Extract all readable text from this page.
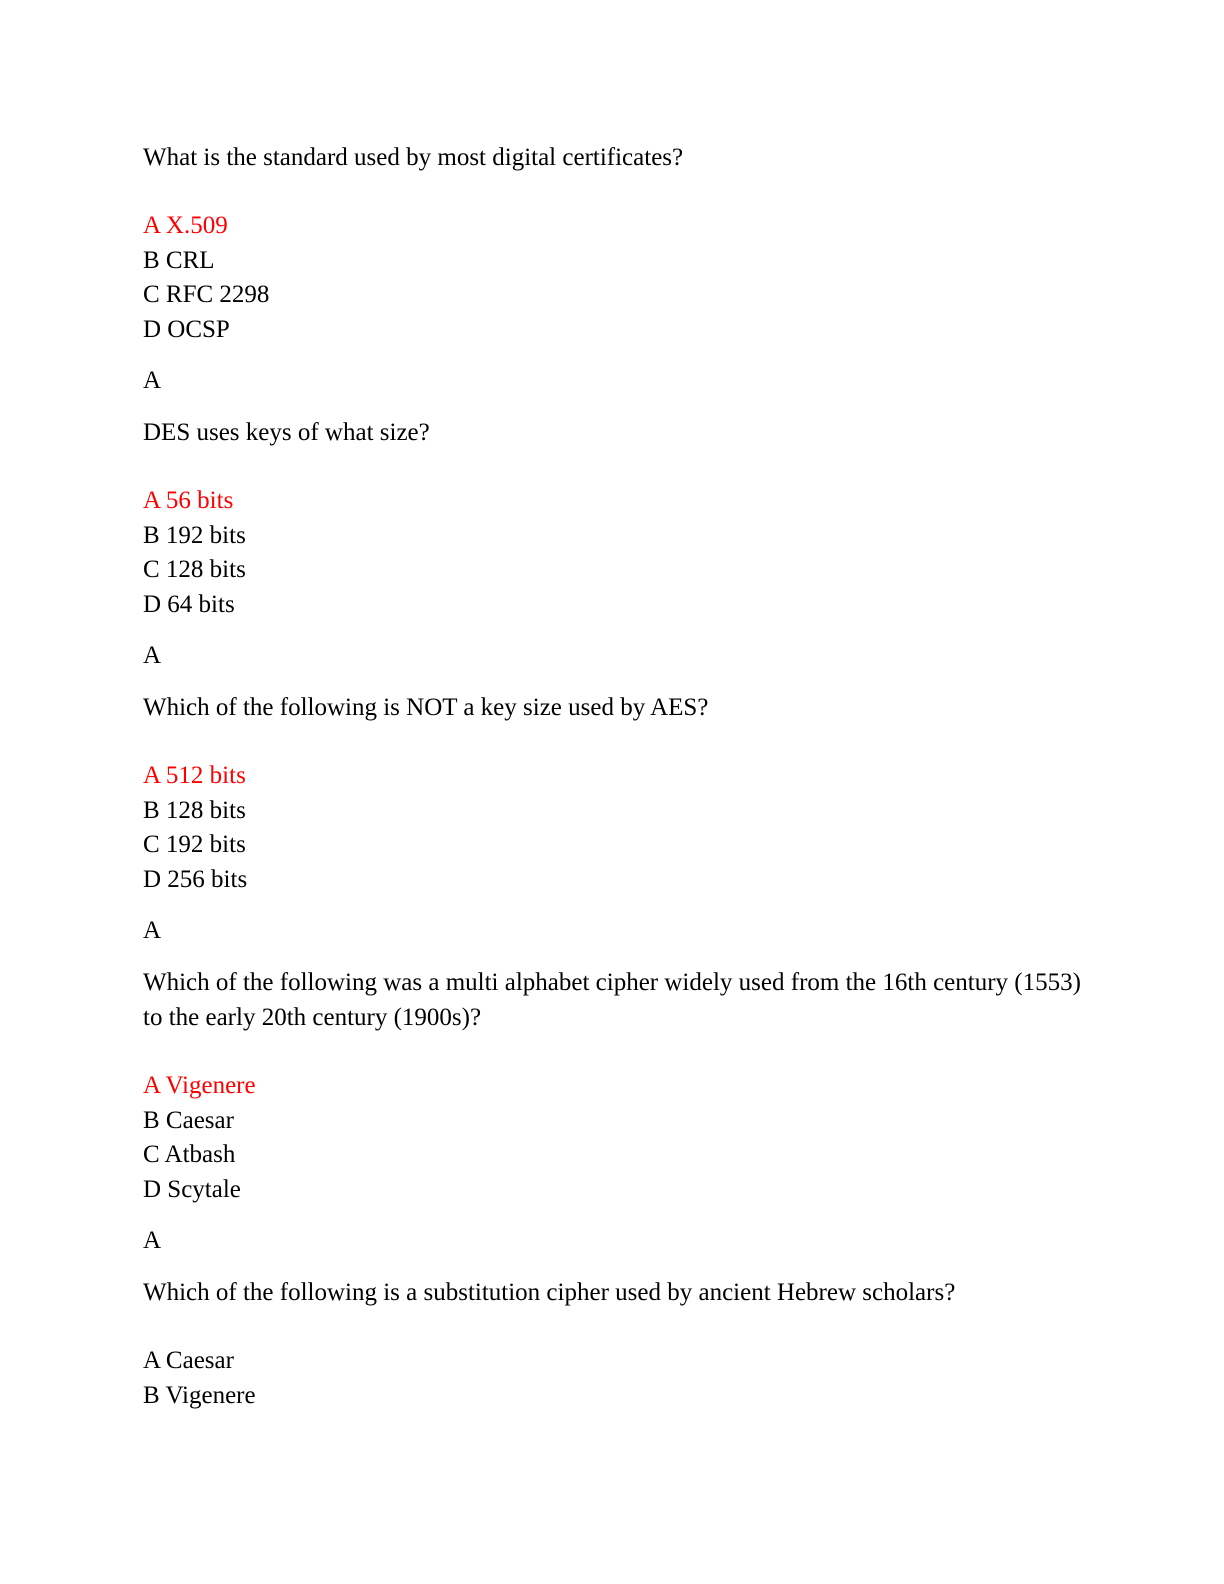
What is the standard used by most digital certificates?

A X.509
B CRL
C RFC 2298
D OCSP
A

DES uses keys of what size?

A 56 bits
B 192 bits
C 128 bits
D 64 bits
A

Which of the following is NOT a key size used by AES?

A 512 bits
B 128 bits
C 192 bits
D 256 bits
A

Which of the following was a multi alphabet cipher widely used from the 16th century (1553) to the early 20th century (1900s)?

A Vigenere
B Caesar
C Atbash
D Scytale
A

Which of the following is a substitution cipher used by ancient Hebrew scholars?

A Caesar
B Vigenere
